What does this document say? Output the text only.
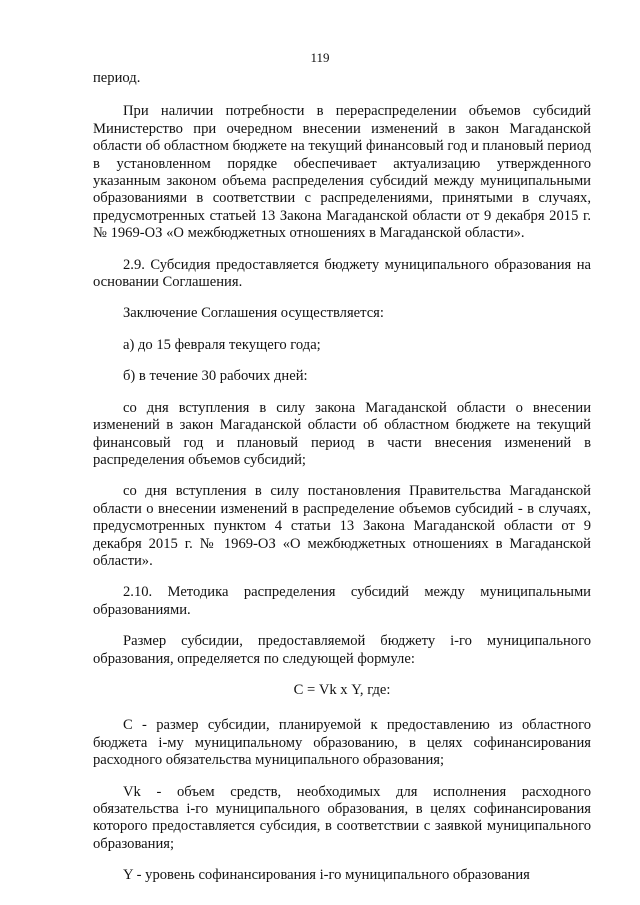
119

период.

При наличии потребности в перераспределении объемов субсидий Министерство при очередном внесении изменений в закон Магаданской области об областном бюджете на текущий финансовый год и плановый период в установленном порядке обеспечивает актуализацию утвержденного указанным законом объема распределения субсидий между муниципальными образованиями в соответствии с распределениями, принятыми в случаях, предусмотренных статьей 13 Закона Магаданской области от 9 декабря 2015 г. № 1969-ОЗ «О межбюджетных отношениях в Магаданской области».

2.9. Субсидия предоставляется бюджету муниципального образования на основании Соглашения.

Заключение Соглашения осуществляется:

а) до 15 февраля текущего года;

б) в течение 30 рабочих дней:

со дня вступления в силу закона Магаданской области о внесении изменений в закон Магаданской области об областном бюджете на текущий финансовый год и плановый период в части внесения изменений в распределения объемов субсидий;

со дня вступления в силу постановления Правительства Магаданской области о внесении изменений в распределение объемов субсидий - в случаях, предусмотренных пунктом 4 статьи 13 Закона Магаданской области от 9 декабря 2015 г. № 1969-ОЗ «О межбюджетных отношениях в Магаданской области».

2.10. Методика распределения субсидий между муниципальными образованиями.

Размер субсидии, предоставляемой бюджету i-го муниципального образования, определяется по следующей формуле:

С = Vk х Y, где:

С - размер субсидии, планируемой к предоставлению из областного бюджета i-му муниципальному образованию, в целях софинансирования расходного обязательства муниципального образования;

Vk - объем средств, необходимых для исполнения расходного обязательства i-го муниципального образования, в целях софинансирования которого предоставляется субсидия, в соответствии с заявкой муниципального образования;

Y - уровень софинансирования i-го муниципального образования
